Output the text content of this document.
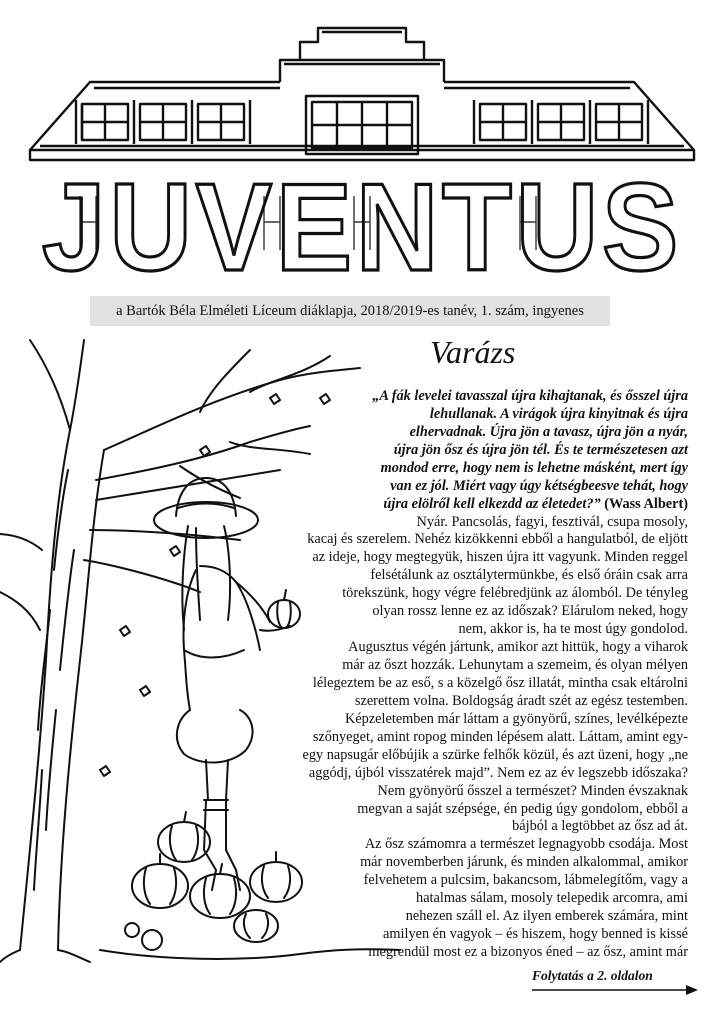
JUVENTUS
a Bartók Béla Elméleti Líceum diáklapja, 2018/2019-es tanév, 1. szám, ingyenes
Varázs
„A fák levelei tavasszal újra kihajtanak, és ősszel újra
lehullanak. A virágok újra kinyitnak és újra
elhervadnak. Újra jön a tavasz, újra jön a nyár,
újra jön ősz és újra jön tél. És te természetesen azt
mondod erre, hogy nem is lehetne másként, mert így
van ez jól. Miért vagy úgy kétségbeesve tehát, hogy
újra elölről kell elkezdd az életedet?” (Wass Albert)
Nyár. Pancsolás, fagyi, fesztivál, csupa mosoly,
kacaj és szerelem. Nehéz kizökkenni ebből a hangulatból, de eljött
az ideje, hogy megtegyük, hiszen újra itt vagyunk. Minden reggel
felsétálunk az osztálytermünkbe, és első óráin csak arra
törekszünk, hogy végre felébredjünk az álomból. De tényleg
olyan rossz lenne ez az időszak? Elárulom neked, hogy
nem, akkor is, ha te most úgy gondolod.
Augusztus végén jártunk, amikor azt hittük, hogy a viharok
már az őszt hozzák. Lehunytam a szemeim, és olyan mélyen
lélegeztem be az eső, s a közelgő ősz illatát, mintha csak eltárolni
szerettem volna. Boldogság áradt szét az egész testemben.
Képzeletemben már láttam a gyönyörű, színes, levélképezte
szőnyeget, amint ropog minden lépésem alatt. Láttam, amint egy-
egy napsugár előbújik a szürke felhők közül, és azt üzeni, hogy „ne
aggódj, újból visszatérek majd”. Nem ez az év legszebb időszaka?
Nem gyönyörű ősszel a természet? Minden évszaknak
megvan a saját szépsége, én pedig úgy gondolom, ebből a
bájból a legtöbbet az ősz ad át.
Az ősz számomra a természet legnagyobb csodája. Most
már novemberben járunk, és minden alkalommal, amikor
felvehetem a pulcsim, bakancsom, lábmelegítőm, vagy a
hatalmas sálam, mosoly telepedik arcomra, ami
nehezen száll el. Az ilyen emberek számára, mint
amilyen én vagyok – és hiszem, hogy benned is kissé
megrendül most ez a bizonyos éned – az ősz, amint már
Folytatás a 2. oldalon
